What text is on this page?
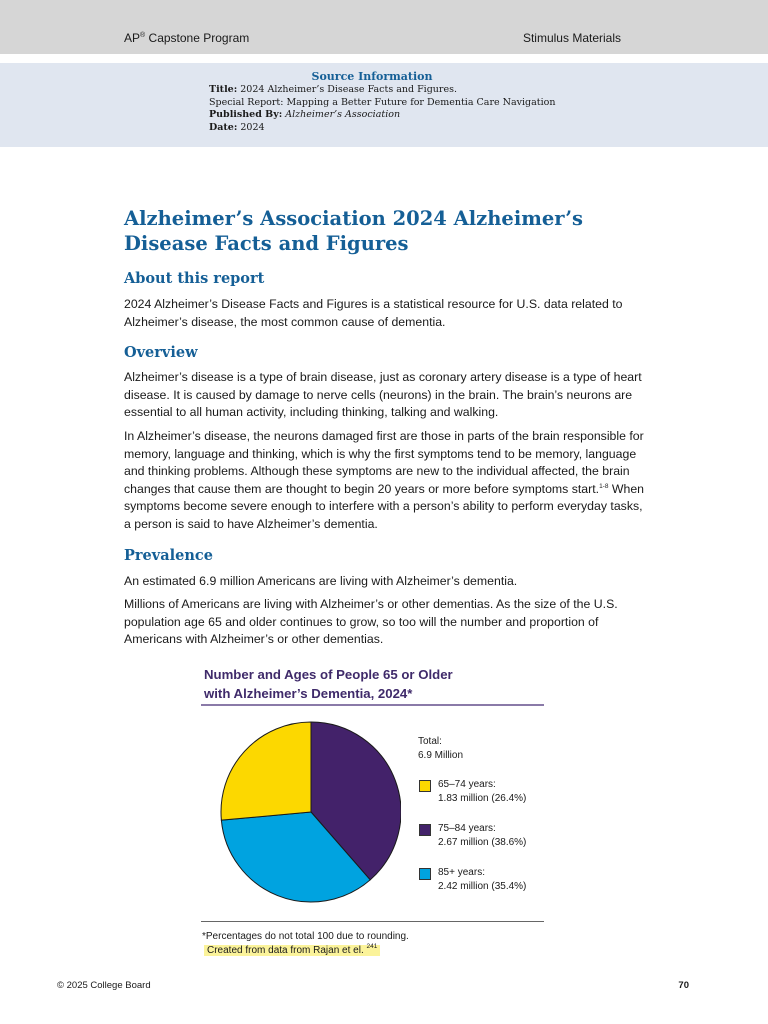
AP® Capstone Program	Stimulus Materials
Source Information
Title: 2024 Alzheimer’s Disease Facts and Figures.
Special Report: Mapping a Better Future for Dementia Care Navigation
Published By: Alzheimer’s Association
Date: 2024
Alzheimer’s Association 2024 Alzheimer’s
Disease Facts and Figures
About this report

2024 Alzheimer’s Disease Facts and Figures is a statistical resource for U.S. data related to Alzheimer’s disease, the most common cause of dementia.

Overview

Alzheimer’s disease is a type of brain disease, just as coronary artery disease is a type of heart disease. It is caused by damage to nerve cells (neurons) in the brain. The brain’s neurons are essential to all human activity, including thinking, talking and walking.

In Alzheimer’s disease, the neurons damaged first are those in parts of the brain responsible for memory, language and thinking, which is why the first symptoms tend to be memory, language and thinking problems. Although these symptoms are new to the individual affected, the brain changes that cause them are thought to begin 20 years or more before symptoms start.$^{1-8}$ When symptoms become severe enough to interfere with a person’s ability to perform everyday tasks, a person is said to have Alzheimer’s dementia.

Prevalence

An estimated 6.9 million Americans are living with Alzheimer’s dementia.

Millions of Americans are living with Alzheimer’s or other dementias. As the size of the U.S. population age 65 and older continues to grow, so too will the number and proportion of Americans with Alzheimer’s or other dementias.

Number and Ages of People 65 or Older
with Alzheimer’s Dementia, 2024*
Total:
6.9 Million
65–74 years:
1.83 million (26.4%)
75–84 years:
2.67 million (38.6%)
85+ years:
2.42 million (35.4%)
*Percentages do not total 100 due to rounding.
Created from data from Rajan et el. $^{241}$
© 2025 College Board	70
